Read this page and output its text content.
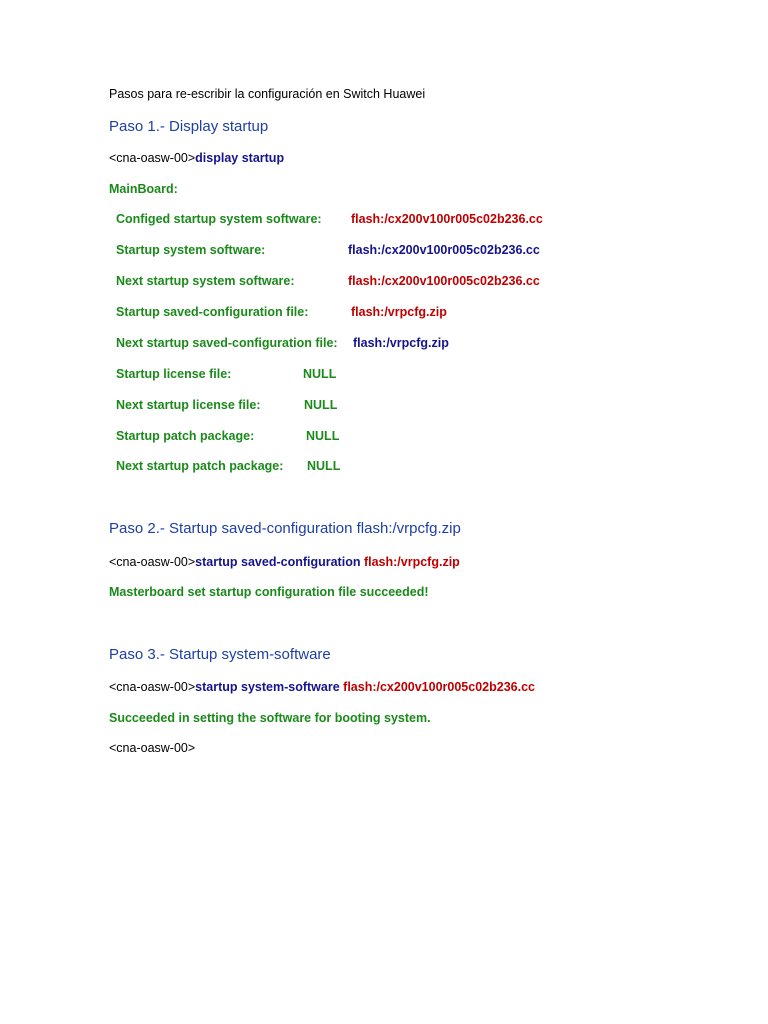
Pasos para re-escribir la configuración en Switch Huawei
Paso 1.- Display startup
<cna-oasw-00>display startup
MainBoard:
Configed startup system software: flash:/cx200v100r005c02b236.cc
Startup system software:	flash:/cx200v100r005c02b236.cc
Next startup system software:	flash:/cx200v100r005c02b236.cc
Startup saved-configuration file:	flash:/vrpcfg.zip
Next startup saved-configuration file: flash:/vrpcfg.zip
Startup license file:	NULL
Next startup license file:	NULL
Startup patch package:	NULL
Next startup patch package: NULL
Paso 2.- Startup saved-configuration flash:/vrpcfg.zip
<cna-oasw-00>startup saved-configuration flash:/vrpcfg.zip
Masterboard set startup configuration file succeeded!
Paso 3.- Startup system-software
<cna-oasw-00>startup system-software flash:/cx200v100r005c02b236.cc
Succeeded in setting the software for booting system.
<cna-oasw-00>
